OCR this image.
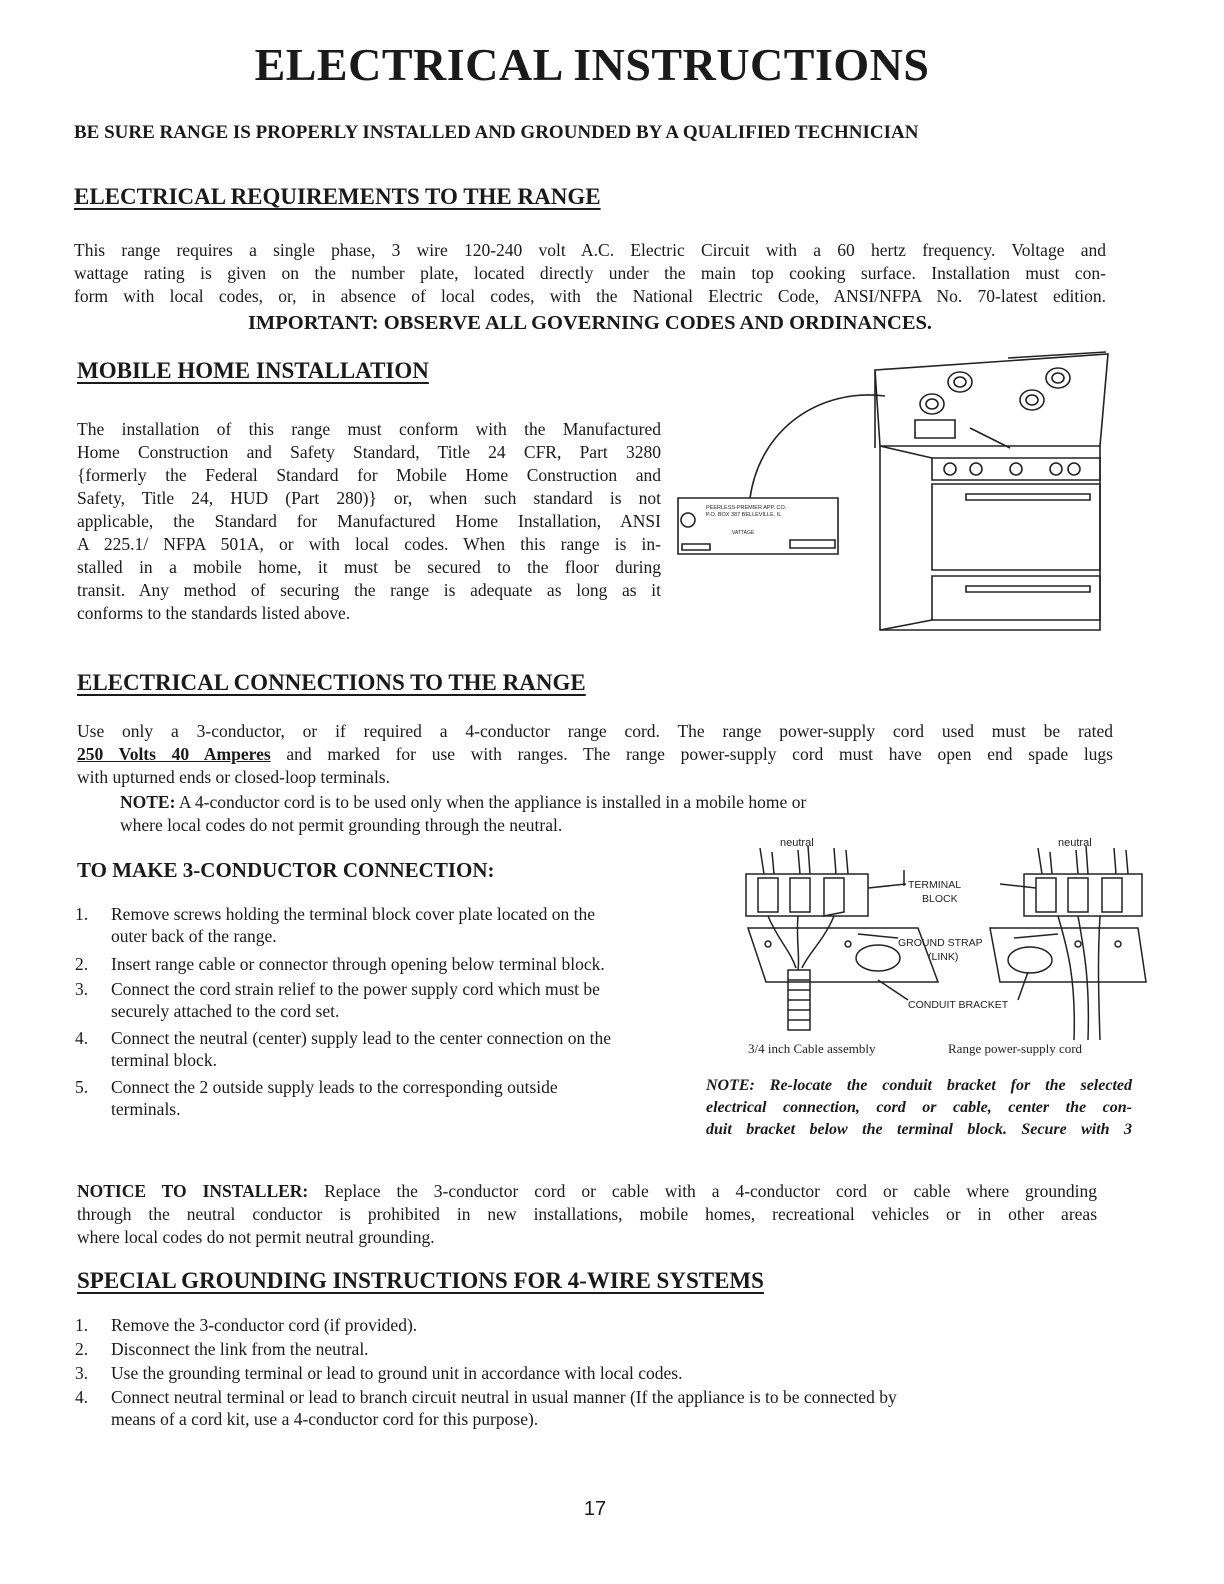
ELECTRICAL INSTRUCTIONS
BE SURE RANGE IS PROPERLY INSTALLED AND GROUNDED BY A QUALIFIED TECHNICIAN
ELECTRICAL REQUIREMENTS TO THE RANGE
This range requires a single phase, 3 wire 120-240 volt A.C. Electric Circuit with a 60 hertz frequency. Voltage and
wattage rating is given on the number plate, located directly under the main top cooking surface. Installation must con-
form with local codes, or, in absence of local codes, with the National Electric Code, ANSI/NFPA No. 70-latest edition.
IMPORTANT: OBSERVE ALL GOVERNING CODES AND ORDINANCES.
MOBILE HOME INSTALLATION
The installation of this range must conform with the Manufactured
Home Construction and Safety Standard, Title 24 CFR, Part 3280
{formerly the Federal Standard for Mobile Home Construction and
Safety, Title 24, HUD (Part 280)} or, when such standard is not
applicable, the Standard for Manufactured Home Installation, ANSI
A 225.1/ NFPA 501A, or with local codes. When this range is in-
stalled in a mobile home, it must be secured to the floor during
transit. Any method of securing the range is adequate as long as it
conforms to the standards listed above.
PEERLESS-PREMIER APP. CO.
P.O. BOX 387 BELLEVILLE, IL
VATTAGE
ELECTRICAL CONNECTIONS TO THE RANGE
Use only a 3-conductor, or if required a 4-conductor range cord. The range power-supply cord used must be rated
250 Volts 40 Amperes and marked for use with ranges. The range power-supply cord must have open end spade lugs
with upturned ends or closed-loop terminals.
NOTE: A 4-conductor cord is to be used only when the appliance is installed in a mobile home or
where local codes do not permit grounding through the neutral.
TO MAKE 3-CONDUCTOR CONNECTION:
1. Remove screws holding the terminal block cover plate located on the
outer back of the range.
2. Insert range cable or connector through opening below terminal block.
3. Connect the cord strain relief to the power supply cord which must be
securely attached to the cord set.
4. Connect the neutral (center) supply lead to the center connection on the
terminal block.
5. Connect the 2 outside supply leads to the corresponding outside
terminals.
neutral	neutral
TERMINAL
BLOCK
GROUND STRAP
(LINK)
CONDUIT BRACKET
3/4 inch Cable assembly	Range power-supply cord
NOTE: Re-locate the conduit bracket for the selected
electrical connection, cord or cable, center the con-
duit bracket below the terminal block. Secure with 3
NOTICE TO INSTALLER: Replace the 3-conductor cord or cable with a 4-conductor cord or cable where grounding
through the neutral conductor is prohibited in new installations, mobile homes, recreational vehicles or in other areas
where local codes do not permit neutral grounding.
SPECIAL GROUNDING INSTRUCTIONS FOR 4-WIRE SYSTEMS
1. Remove the 3-conductor cord (if provided).
2. Disconnect the link from the neutral.
3. Use the grounding terminal or lead to ground unit in accordance with local codes.
4. Connect neutral terminal or lead to branch circuit neutral in usual manner (If the appliance is to be connected by
means of a cord kit, use a 4-conductor cord for this purpose).
17
